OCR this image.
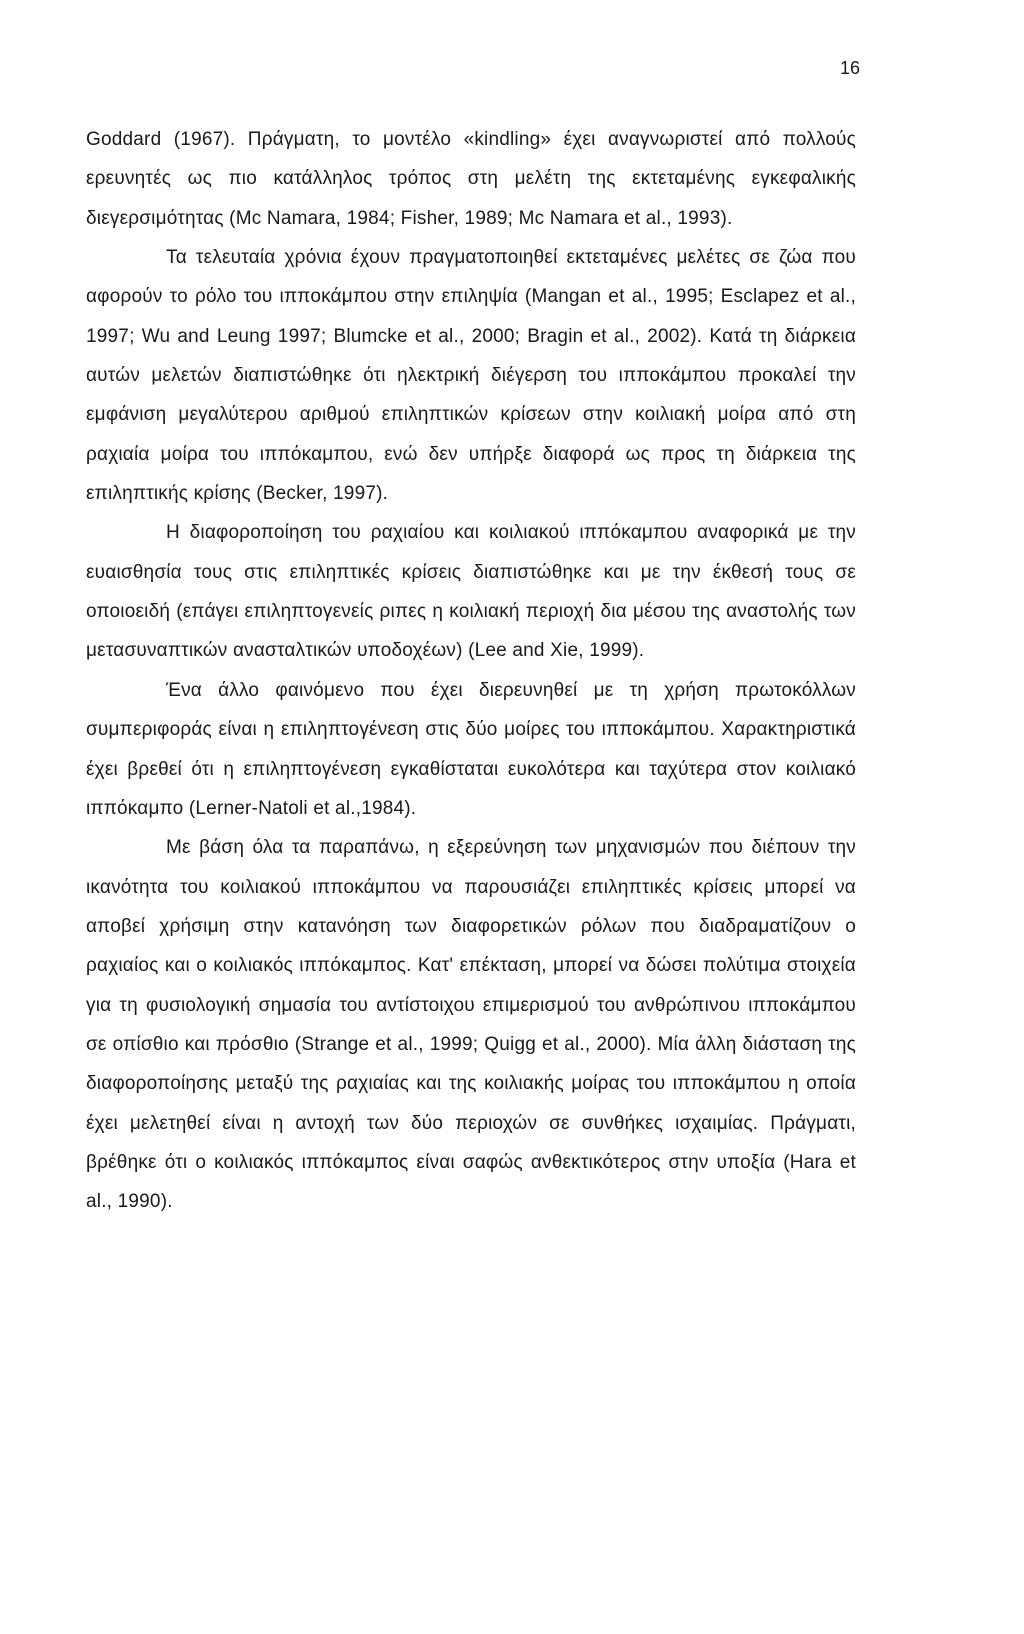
16

Goddard (1967). Πράγματη, το μοντέλο «kindling» έχει αναγνωριστεί από πολλούς ερευνητές ως πιο κατάλληλος τρόπος στη μελέτη της εκτεταμένης εγκεφαλικής διεγερσιμότητας (Mc Namara, 1984; Fisher, 1989; Mc Namara et al., 1993).

Τα τελευταία χρόνια έχουν πραγματοποιηθεί εκτεταμένες μελέτες σε ζώα που αφορούν το ρόλο του ιπποκάμπου στην επιληψία (Mangan et al., 1995; Esclapez et al., 1997; Wu and Leung 1997; Blumcke et al., 2000; Bragin et al., 2002). Κατά τη διάρκεια αυτών μελετών διαπιστώθηκε ότι ηλεκτρική διέγερση του ιπποκάμπου προκαλεί την εμφάνιση μεγαλύτερου αριθμού επιληπτικών κρίσεων στην κοιλιακή μοίρα από στη ραχιαία μοίρα του ιππόκαμπου, ενώ δεν υπήρξε διαφορά ως προς τη διάρκεια της επιληπτικής κρίσης (Becker, 1997).

Η διαφοροποίηση του ραχιαίου και κοιλιακού ιππόκαμπου αναφορικά με την ευαισθησία τους στις επιληπτικές κρίσεις διαπιστώθηκε και με την έκθεσή τους σε οποιοειδή (επάγει επιληπτογενείς ριπες η κοιλιακή περιοχή δια μέσου της αναστολής των μετασυναπτικών ανασταλτικών υποδοχέων) (Lee and Xie, 1999).

Ένα άλλο φαινόμενο που έχει διερευνηθεί με τη χρήση πρωτοκόλλων συμπεριφοράς είναι η επιληπτογένεση στις δύο μοίρες του ιπποκάμπου. Χαρακτηριστικά έχει βρεθεί ότι η επιληπτογένεση εγκαθίσταται ευκολότερα και ταχύτερα στον κοιλιακό ιππόκαμπο (Lerner-Natoli et al.,1984).

Με βάση όλα τα παραπάνω, η εξερεύνηση των μηχανισμών που διέπουν την ικανότητα του κοιλιακού ιπποκάμπου να παρουσιάζει επιληπτικές κρίσεις μπορεί να αποβεί χρήσιμη στην κατανόηση των διαφορετικών ρόλων που διαδραματίζουν ο ραχιαίος και ο κοιλιακός ιππόκαμπος. Κατ' επέκταση, μπορεί να δώσει πολύτιμα στοιχεία για τη φυσιολογική σημασία του αντίστοιχου επιμερισμού του ανθρώπινου ιπποκάμπου σε οπίσθιο και πρόσθιο (Strange et al., 1999; Quigg et al., 2000). Μία άλλη διάσταση της διαφοροποίησης μεταξύ της ραχιαίας και της κοιλιακής μοίρας του ιπποκάμπου η οποία έχει μελετηθεί είναι η αντοχή των δύο περιοχών σε συνθήκες ισχαιμίας. Πράγματι, βρέθηκε ότι ο κοιλιακός ιππόκαμπος είναι σαφώς ανθεκτικότερος στην υποξία (Hara et al., 1990).
